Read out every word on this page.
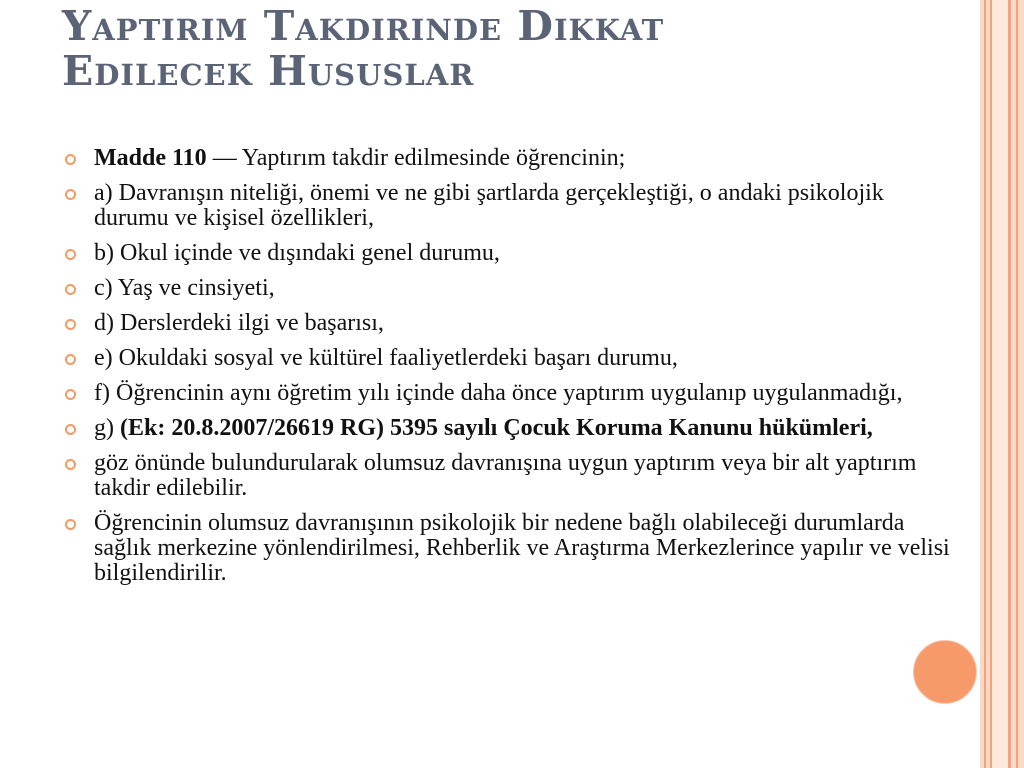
Yaptırım Takdirinde Dikkat
Edilecek Hususlar
Madde 110 — Yaptırım takdir edilmesinde öğrencinin;
a) Davranışın niteliği, önemi ve ne gibi şartlarda gerçekleştiği, o andaki psikolojik durumu ve kişisel özellikleri,
b) Okul içinde ve dışındaki genel durumu,
c) Yaş ve cinsiyeti,
d) Derslerdeki ilgi ve başarısı,
e) Okuldaki sosyal ve kültürel faaliyetlerdeki başarı durumu,
f) Öğrencinin aynı öğretim yılı içinde daha önce yaptırım uygulanıp uygulanmadığı,
g) (Ek: 20.8.2007/26619 RG) 5395 sayılı Çocuk Koruma Kanunu hükümleri,
göz önünde bulundurularak olumsuz davranışına uygun yaptırım veya bir alt yaptırım takdir edilebilir.
Öğrencinin olumsuz davranışının psikolojik bir nedene bağlı olabileceği durumlarda sağlık merkezine yönlendirilmesi, Rehberlik ve Araştırma Merkezlerince yapılır ve velisi bilgilendirilir.
